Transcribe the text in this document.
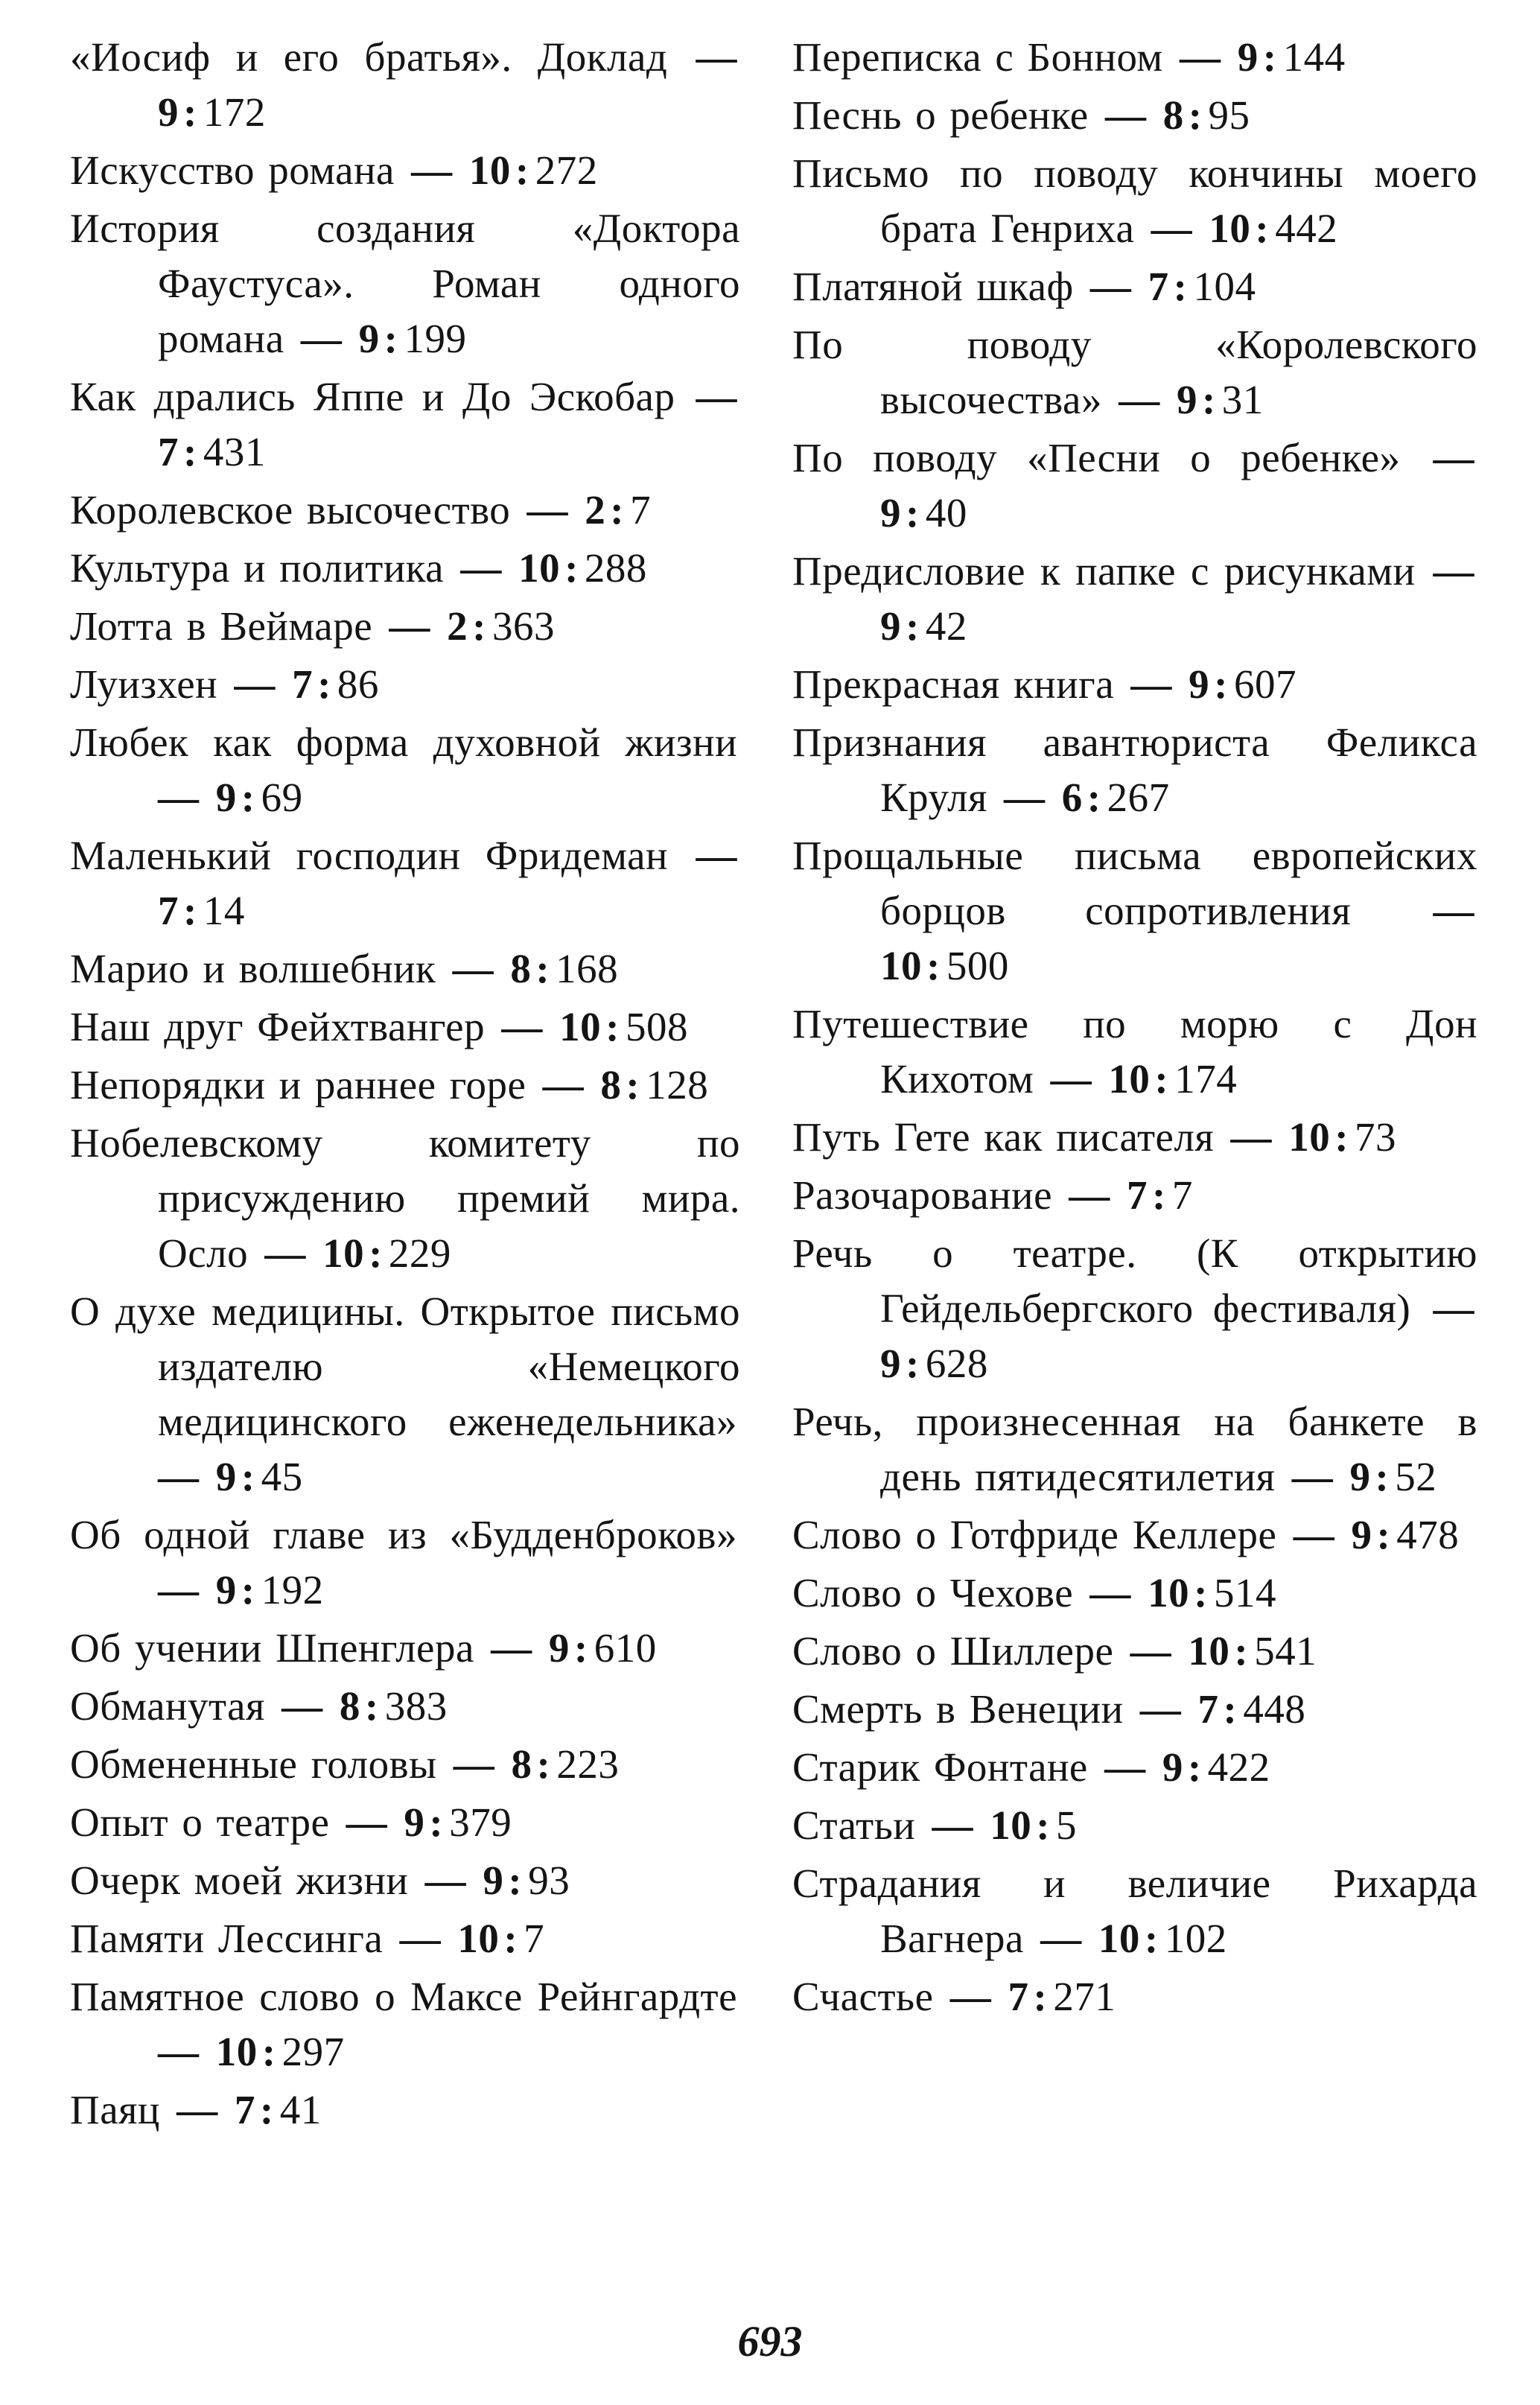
«Иосиф и его братья». Доклад — 9 : 172

Искусство романа — 10 : 272

История создания «Доктора Фаустуса». Роман одного романа — 9 : 199

Как дрались Яппе и До Эскобар — 7 : 431

Королевское высочество — 2 : 7

Культура и политика — 10 : 288

Лотта в Веймаре — 2 : 363

Луизхен — 7 : 86

Любек как форма духовной жизни — 9 : 69

Маленький господин Фридеман — 7 : 14

Марио и волшебник — 8 : 168

Наш друг Фейхтвангер — 10 : 508

Непорядки и раннее горе — 8 : 128

Нобелевскому комитету по присуждению премий мира. Осло — 10 : 229

О духе медицины. Открытое письмо издателю «Немецкого медицинского еженедельника» — 9 : 45

Об одной главе из «Будденброков» — 9 : 192

Об учении Шпенглера — 9 : 610

Обманутая — 8 : 383

Обмененные головы — 8 : 223

Опыт о театре — 9 : 379

Очерк моей жизни — 9 : 93

Памяти Лессинга — 10 : 7

Памятное слово о Максе Рейнгардте — 10 : 297

Паяц — 7 : 41

Переписка с Бонном — 9 : 144

Песнь о ребенке — 8 : 95

Письмо по поводу кончины моего брата Генриха — 10 : 442

Платяной шкаф — 7 : 104

По поводу «Королевского высочества» — 9 : 31

По поводу «Песни о ребенке» — 9 : 40

Предисловие к папке с рисунками — 9 : 42

Прекрасная книга — 9 : 607

Признания авантюриста Феликса Круля — 6 : 267

Прощальные письма европейских борцов сопротивления — 10 : 500

Путешествие по морю с Дон Кихотом — 10 : 174

Путь Гете как писателя — 10 : 73

Разочарование — 7 : 7

Речь о театре. (К открытию Гейдельбергского фестиваля) — 9 : 628

Речь, произнесенная на банкете в день пятидесятилетия — 9 : 52

Слово о Готфриде Келлере — 9 : 478

Слово о Чехове — 10 : 514

Слово о Шиллере — 10 : 541

Смерть в Венеции — 7 : 448

Старик Фонтане — 9 : 422

Статьи — 10 : 5

Страдания и величие Рихарда Вагнера — 10 : 102

Счастье — 7 : 271

693
